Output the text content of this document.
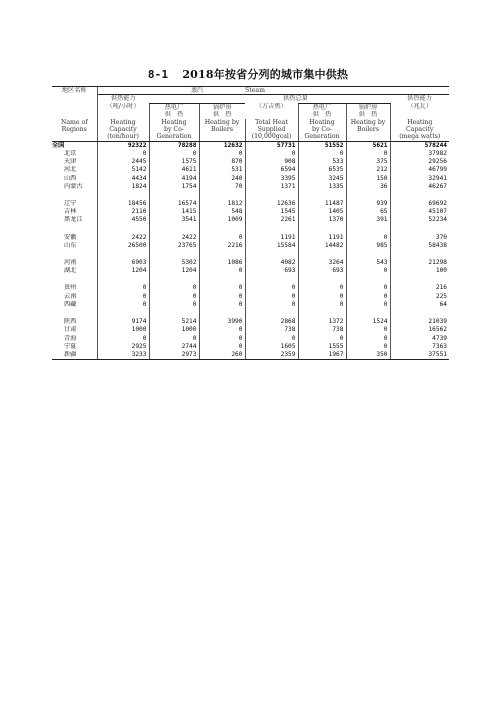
8-1 2018年按省分列的城市集中供热
地区名称		蒸汽		Steam			
	供热能力			供热总量			供热能力
	（吨/小时）	热电厂	锅炉房	（万吉焦）	热电厂	锅炉房	（兆瓦）
		供　热	供　热		供　热	供　热	
Name of	Heating	Heating	Heating by	Total Heat	Heating	Heating by	Heating
Regions	Capacity	by Co-	Boilers	Supplied	by Co-	Boilers	Capacity
	(ton/hour)	Generation		(10,000gcal)	Generation		(mega watts)
全国	92322	78288	12632	57731	51552	5621	578244
北京	0	0	0	0	0	0	37982
天津	2445	1575	870	908	533	375	29256
河北	5142	4611	531	6594	6535	212	46799
山西	4434	4194	240	3395	3245	150	32941
内蒙古	1824	1754	70	1371	1335	36	46267

辽宁	18456	16574	1812	12636	11487	939	69692
吉林	2110	1415	548	1545	1405	65	45107
黑龙江	4550	3541	1009	2261	1370	391	52234

安徽	2422	2422	0	1191	1191	0	370
山东	26500	23765	2216	15584	14482	985	58438

河南	6903	5302	1086	4082	3264	543	21298
湖北	1204	1204	0	693	693	0	100

贵州	0	0	0	0	0	0	216
云南	0	0	0	0	0	0	225
西藏	0	0	0	0	0	0	64

陕西	9174	5214	3990	2868	1372	1524	21039
甘肃	1000	1000	0	738	738	0	16562
青海	0	0	0	0	0	0	4739
宁夏	2925	2744	0	1605	1555	0	7363
新疆	3233	2973	260	2359	1967	350	37551
